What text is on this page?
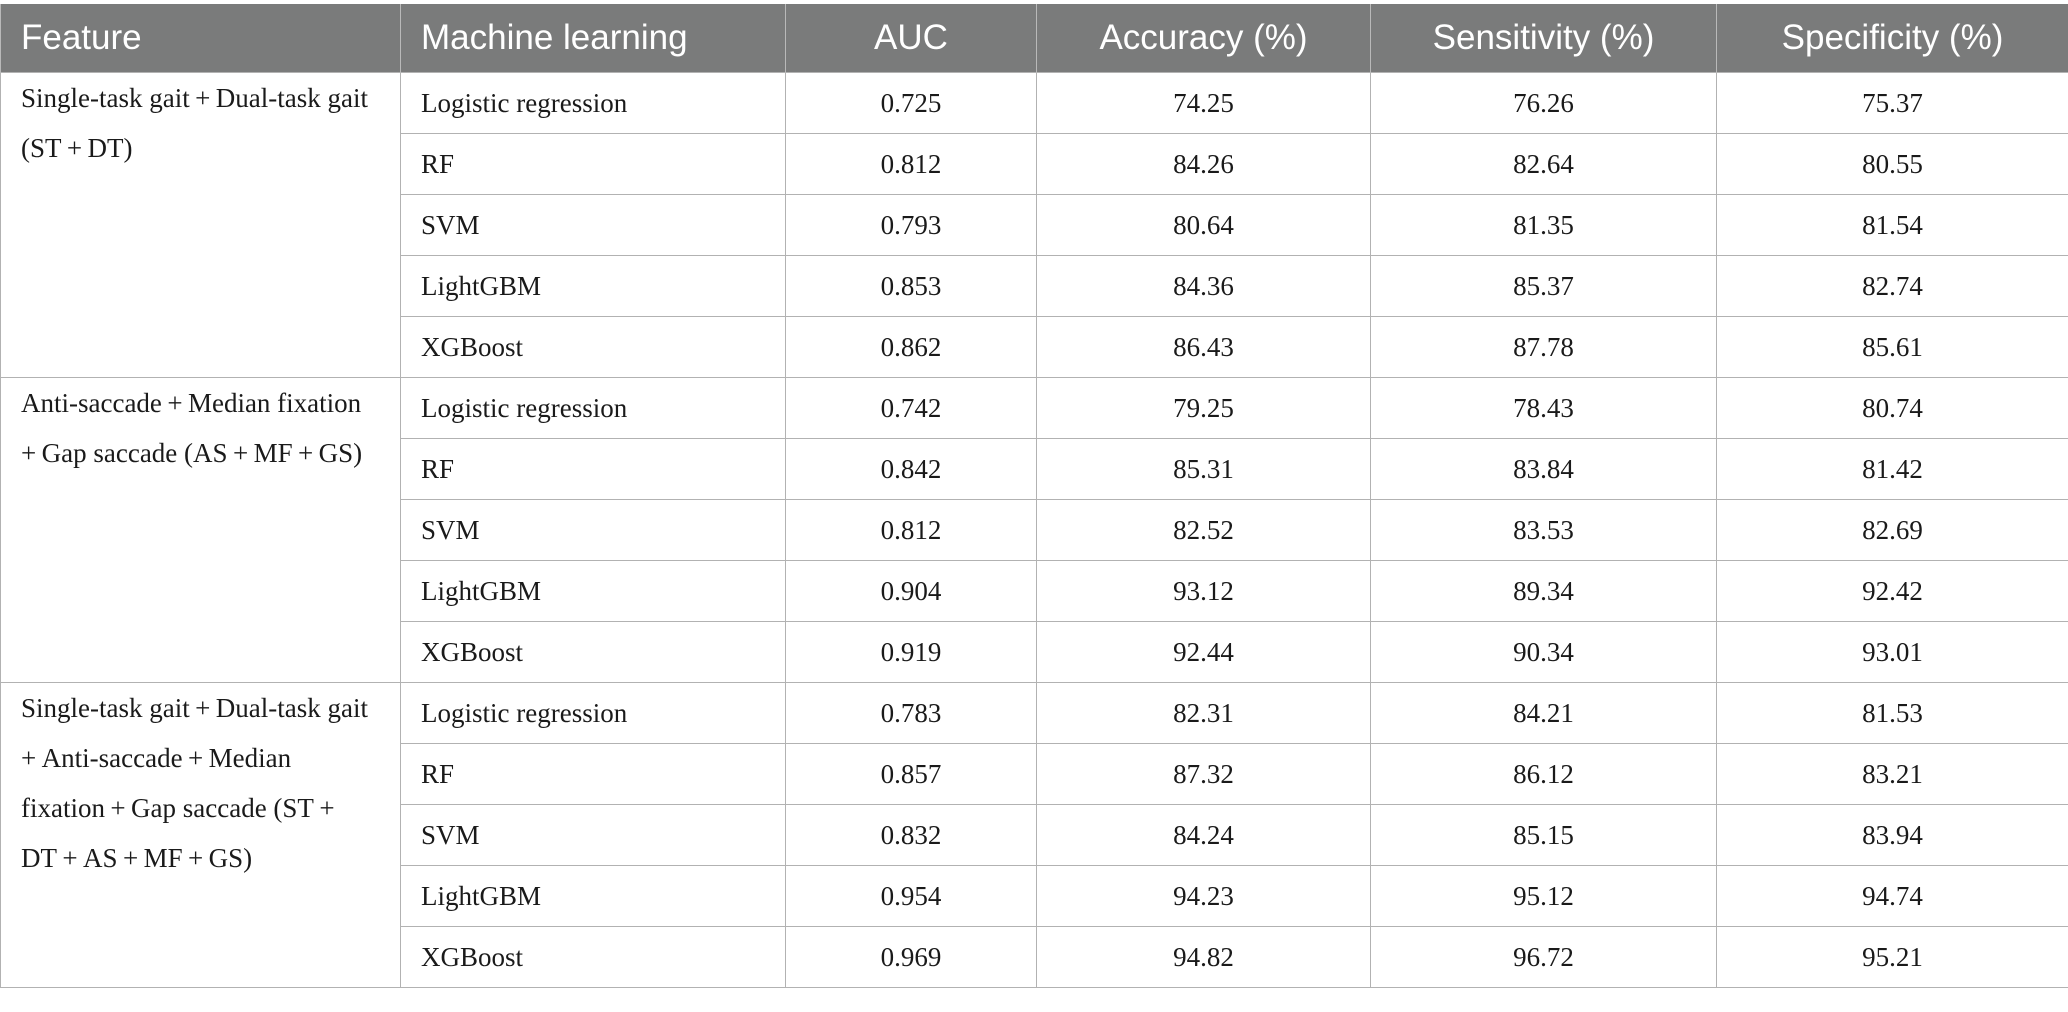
Feature	Machine learning	AUC	Accuracy (%)	Sensitivity (%)	Specificity (%)
Single-task gait + Dual-task gait (ST + DT)	Logistic regression	0.725	74.25	76.26	75.37
	RF	0.812	84.26	82.64	80.55
	SVM	0.793	80.64	81.35	81.54
	LightGBM	0.853	84.36	85.37	82.74
	XGBoost	0.862	86.43	87.78	85.61
Anti-saccade + Median fixation + Gap saccade (AS + MF + GS)	Logistic regression	0.742	79.25	78.43	80.74
	RF	0.842	85.31	83.84	81.42
	SVM	0.812	82.52	83.53	82.69
	LightGBM	0.904	93.12	89.34	92.42
	XGBoost	0.919	92.44	90.34	93.01
Single-task gait + Dual-task gait + Anti-saccade + Median fixation + Gap saccade (ST + DT + AS + MF + GS)	Logistic regression	0.783	82.31	84.21	81.53
	RF	0.857	87.32	86.12	83.21
	SVM	0.832	84.24	85.15	83.94
	LightGBM	0.954	94.23	95.12	94.74
	XGBoost	0.969	94.82	96.72	95.21
